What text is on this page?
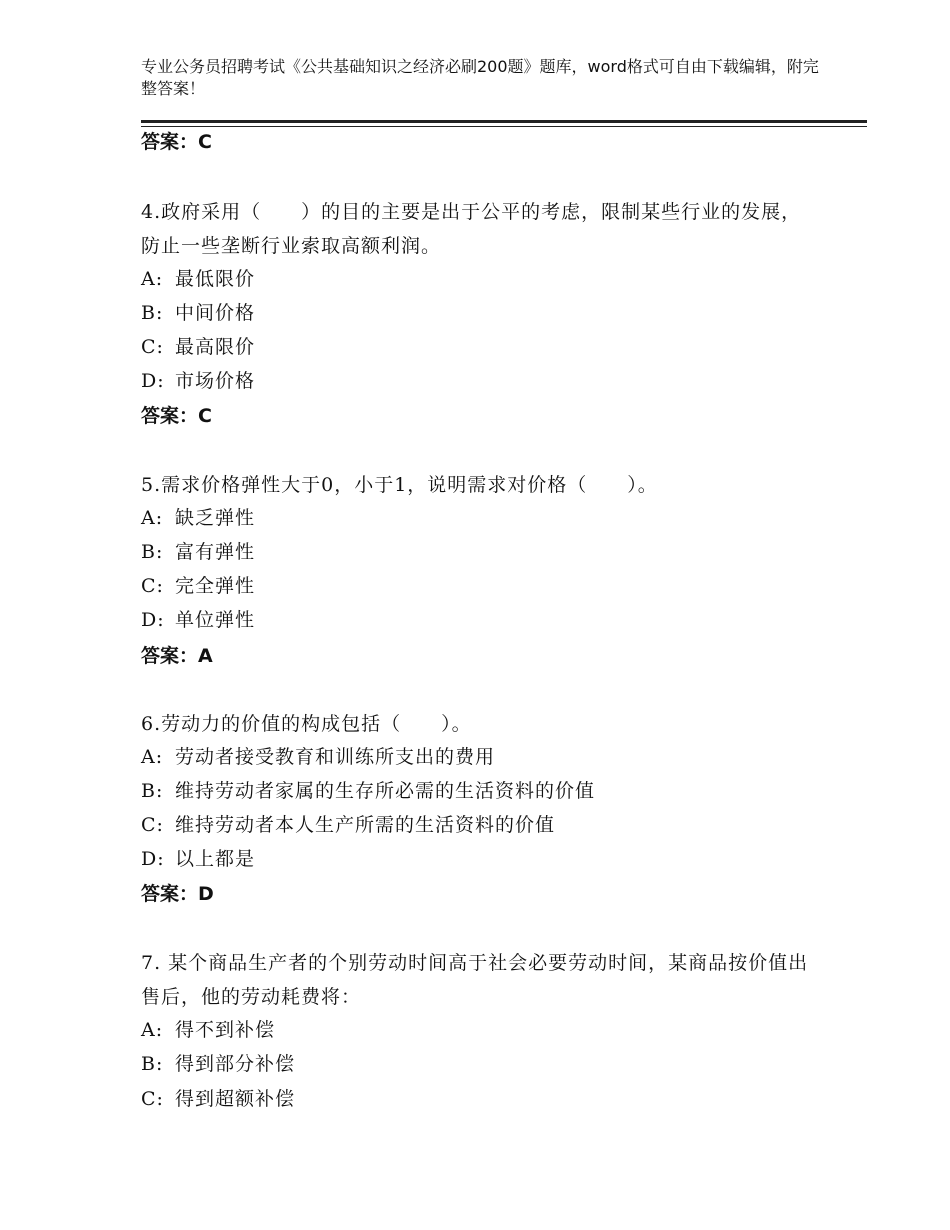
专业公务员招聘考试《公共基础知识之经济必刷200题》题库，word格式可自由下载编辑，附完整答案！
答案：C
4.政府采用（　　）的目的主要是出于公平的考虑，限制某些行业的发展，防止一些垄断行业索取高额利润。
A: 最低限价
B: 中间价格
C: 最高限价
D: 市场价格
答案：C
5.需求价格弹性大于0，小于1，说明需求对价格（　　）。
A: 缺乏弹性
B: 富有弹性
C: 完全弹性
D: 单位弹性
答案：A
6.劳动力的价值的构成包括（　　）。
A: 劳动者接受教育和训练所支出的费用
B: 维持劳动者家属的生存所必需的生活资料的价值
C: 维持劳动者本人生产所需的生活资料的价值
D: 以上都是
答案：D
7. 某个商品生产者的个别劳动时间高于社会必要劳动时间，某商品按价值出售后，他的劳动耗费将：
A: 得不到补偿
B: 得到部分补偿
C: 得到超额补偿
